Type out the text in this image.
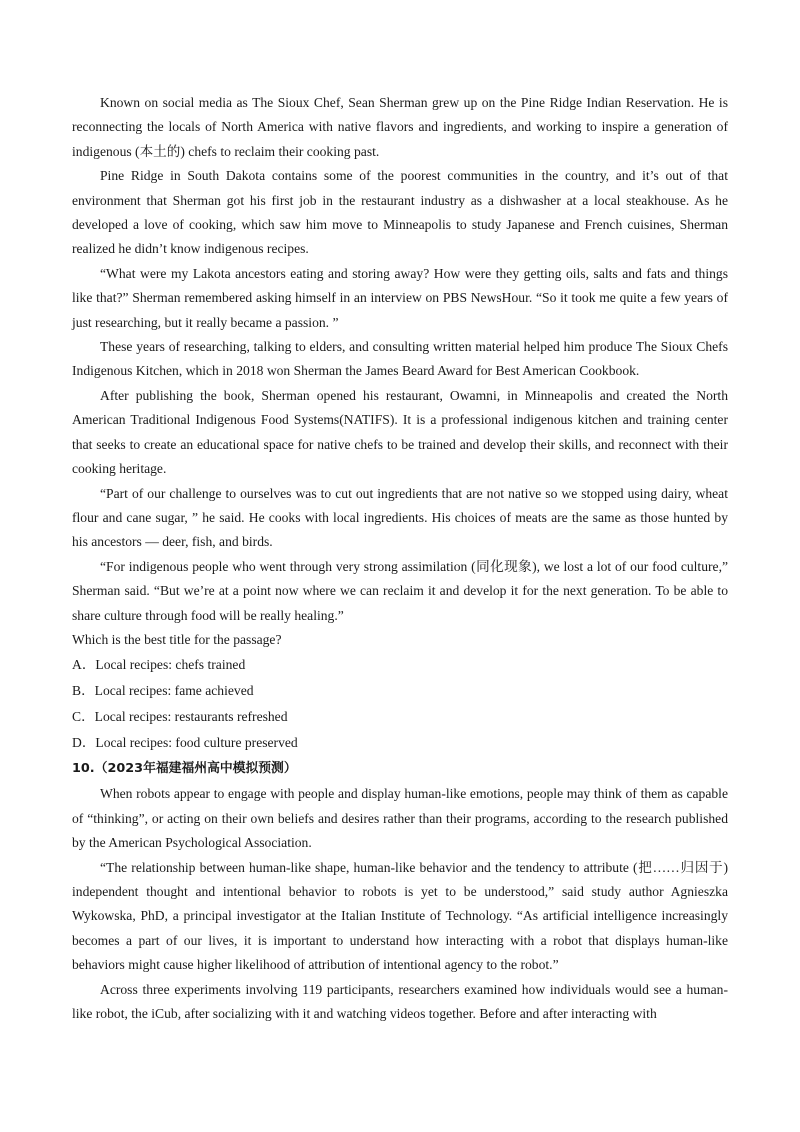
Known on social media as The Sioux Chef, Sean Sherman grew up on the Pine Ridge Indian Reservation. He is reconnecting the locals of North America with native flavors and ingredients, and working to inspire a generation of indigenous (本土的) chefs to reclaim their cooking past.

Pine Ridge in South Dakota contains some of the poorest communities in the country, and it’s out of that environment that Sherman got his first job in the restaurant industry as a dishwasher at a local steakhouse. As he developed a love of cooking, which saw him move to Minneapolis to study Japanese and French cuisines, Sherman realized he didn’t know indigenous recipes.

“What were my Lakota ancestors eating and storing away? How were they getting oils, salts and fats and things like that?” Sherman remembered asking himself in an interview on PBS NewsHour. “So it took me quite a few years of just researching, but it really became a passion. ”

These years of researching, talking to elders, and consulting written material helped him produce The Sioux Chefs Indigenous Kitchen, which in 2018 won Sherman the James Beard Award for Best American Cookbook.

After publishing the book, Sherman opened his restaurant, Owamni, in Minneapolis and created the North American Traditional Indigenous Food Systems(NATIFS). It is a professional indigenous kitchen and training center that seeks to create an educational space for native chefs to be trained and develop their skills, and reconnect with their cooking heritage.

“Part of our challenge to ourselves was to cut out ingredients that are not native so we stopped using dairy, wheat flour and cane sugar, ” he said. He cooks with local ingredients. His choices of meats are the same as those hunted by his ancestors — deer, fish, and birds.

“For indigenous people who went through very strong assimilation (同化现象), we lost a lot of our food culture,” Sherman said. “But we’re at a point now where we can reclaim it and develop it for the next generation. To be able to share culture through food will be really healing.”

Which is the best title for the passage?

A．Local recipes: chefs trained

B．Local recipes: fame achieved

C．Local recipes: restaurants refreshed

D．Local recipes: food culture preserved

10.（2023年福建福州高中模拟预测）

When robots appear to engage with people and display human-like emotions, people may think of them as capable of “thinking”, or acting on their own beliefs and desires rather than their programs, according to the research published by the American Psychological Association.

“The relationship between human-like shape, human-like behavior and the tendency to attribute (把……归因于) independent thought and intentional behavior to robots is yet to be understood,” said study author Agnieszka Wykowska, PhD, a principal investigator at the Italian Institute of Technology. “As artificial intelligence increasingly becomes a part of our lives, it is important to understand how interacting with a robot that displays human-like behaviors might cause higher likelihood of attribution of intentional agency to the robot.”

Across three experiments involving 119 participants, researchers examined how individuals would see a human-like robot, the iCub, after socializing with it and watching videos together. Before and after interacting with
